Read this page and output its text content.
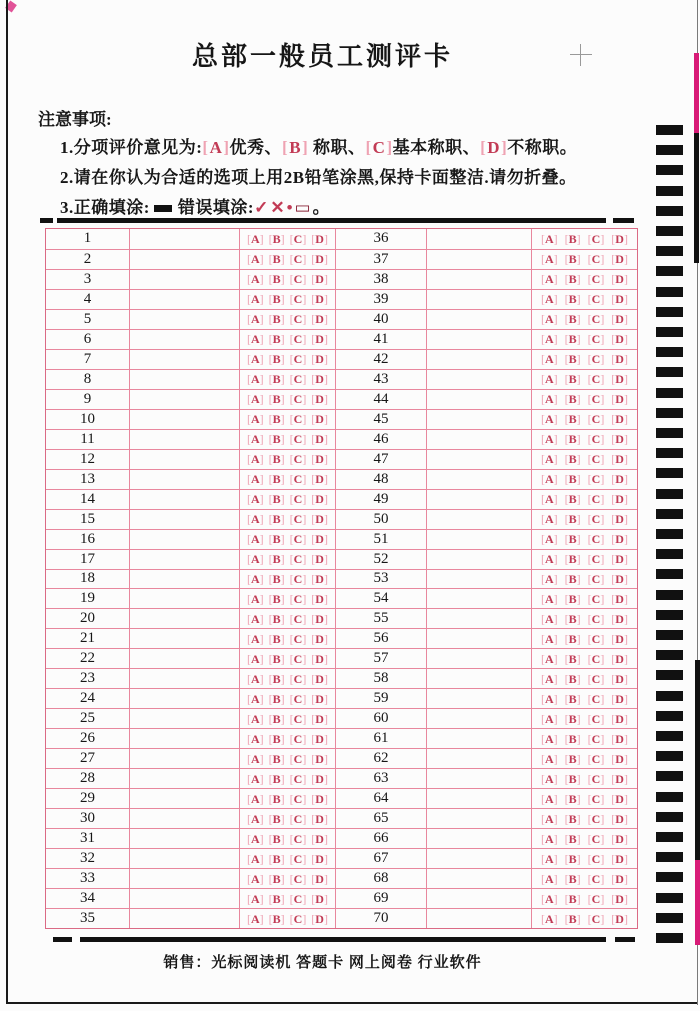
总部一般员工测评卡
注意事项:
1.分项评价意见为:[A]优秀、[B] 称职、[C]基本称职、[D]不称职。
2.请在你认为合适的选项上用2B铅笔涂黑,保持卡面整洁.请勿折叠。
3.正确填涂: 错误填涂:✓✕•▭。
1	[A] [B] [C] [D]	36	[A] [B] [C] [D]
2	[A] [B] [C] [D]	37	[A] [B] [C] [D]
3	[A] [B] [C] [D]	38	[A] [B] [C] [D]
4	[A] [B] [C] [D]	39	[A] [B] [C] [D]
5	[A] [B] [C] [D]	40	[A] [B] [C] [D]
6	[A] [B] [C] [D]	41	[A] [B] [C] [D]
7	[A] [B] [C] [D]	42	[A] [B] [C] [D]
8	[A] [B] [C] [D]	43	[A] [B] [C] [D]
9	[A] [B] [C] [D]	44	[A] [B] [C] [D]
10	[A] [B] [C] [D]	45	[A] [B] [C] [D]
11	[A] [B] [C] [D]	46	[A] [B] [C] [D]
12	[A] [B] [C] [D]	47	[A] [B] [C] [D]
13	[A] [B] [C] [D]	48	[A] [B] [C] [D]
14	[A] [B] [C] [D]	49	[A] [B] [C] [D]
15	[A] [B] [C] [D]	50	[A] [B] [C] [D]
16	[A] [B] [C] [D]	51	[A] [B] [C] [D]
17	[A] [B] [C] [D]	52	[A] [B] [C] [D]
18	[A] [B] [C] [D]	53	[A] [B] [C] [D]
19	[A] [B] [C] [D]	54	[A] [B] [C] [D]
20	[A] [B] [C] [D]	55	[A] [B] [C] [D]
21	[A] [B] [C] [D]	56	[A] [B] [C] [D]
22	[A] [B] [C] [D]	57	[A] [B] [C] [D]
23	[A] [B] [C] [D]	58	[A] [B] [C] [D]
24	[A] [B] [C] [D]	59	[A] [B] [C] [D]
25	[A] [B] [C] [D]	60	[A] [B] [C] [D]
26	[A] [B] [C] [D]	61	[A] [B] [C] [D]
27	[A] [B] [C] [D]	62	[A] [B] [C] [D]
28	[A] [B] [C] [D]	63	[A] [B] [C] [D]
29	[A] [B] [C] [D]	64	[A] [B] [C] [D]
30	[A] [B] [C] [D]	65	[A] [B] [C] [D]
31	[A] [B] [C] [D]	66	[A] [B] [C] [D]
32	[A] [B] [C] [D]	67	[A] [B] [C] [D]
33	[A] [B] [C] [D]	68	[A] [B] [C] [D]
34	[A] [B] [C] [D]	69	[A] [B] [C] [D]
35	[A] [B] [C] [D]	70	[A] [B] [C] [D]
销售：光标阅读机 答题卡 网上阅卷 行业软件
